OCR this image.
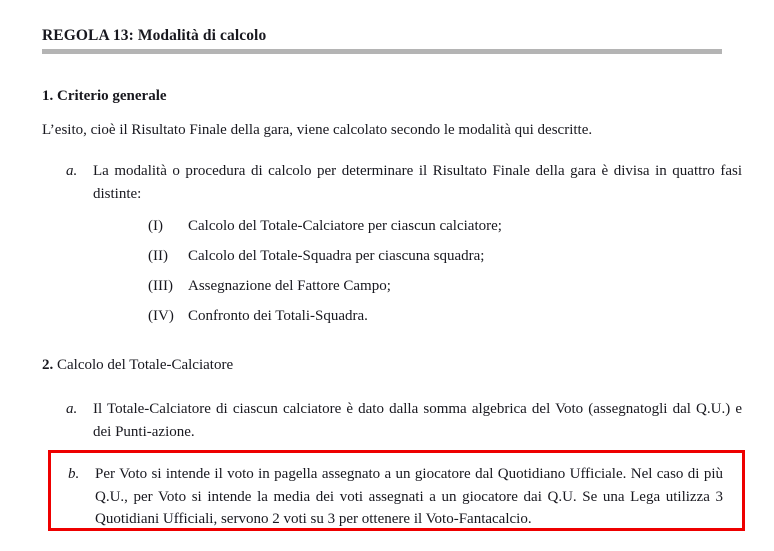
REGOLA 13: Modalità di calcolo
1. Criterio generale
L’esito, cioè il Risultato Finale della gara, viene calcolato secondo le modalità qui descritte.
a.	La modalità o procedura di calcolo per determinare il Risultato Finale della gara è divisa in quattro fasi distinte:
(I)	Calcolo del Totale-Calciatore per ciascun calciatore;
(II)	Calcolo del Totale-Squadra per ciascuna squadra;
(III)	Assegnazione del Fattore Campo;
(IV) Confronto dei Totali-Squadra.
2. Calcolo del Totale-Calciatore
a.	Il Totale-Calciatore di ciascun calciatore è dato dalla somma algebrica del Voto (assegnatogli dal Q.U.) e dei Punti-azione.
b.	Per Voto si intende il voto in pagella assegnato a un giocatore dal Quotidiano Ufficiale. Nel caso di più Q.U., per Voto si intende la media dei voti assegnati a un giocatore dai Q.U. Se una Lega utilizza 3 Quotidiani Ufficiali, servono 2 voti su 3 per ottenere il Voto-Fantacalcio.
